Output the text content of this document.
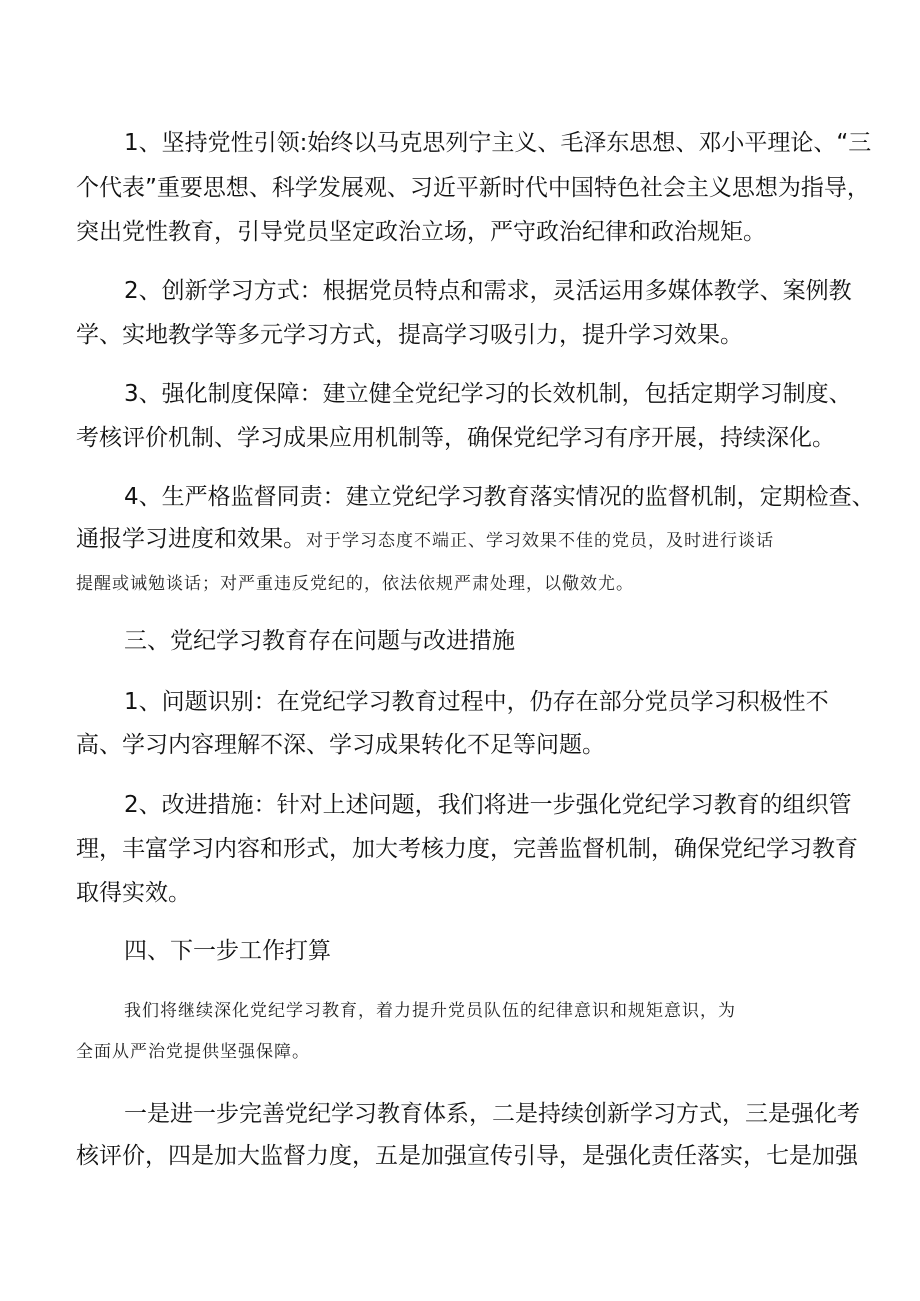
1、坚持党性引领:始终以马克思列宁主义、毛泽东思想、邓小平理论、“三
个代表”重要思想、科学发展观、习近平新时代中国特色社会主义思想为指导，
突出党性教育，引导党员坚定政治立场，严守政治纪律和政治规矩。
2、创新学习方式：根据党员特点和需求，灵活运用多媒体教学、案例教
学、实地教学等多元学习方式，提高学习吸引力，提升学习效果。
3、强化制度保障：建立健全党纪学习的长效机制，包括定期学习制度、
考核评价机制、学习成果应用机制等，确保党纪学习有序开展，持续深化。
4、生严格监督同责：建立党纪学习教育落实情况的监督机制，定期检查、
通报学习进度和效果。对于学习态度不端正、学习效果不佳的党员，及时进行谈话
提醒或诫勉谈话；对严重违反党纪的，依法依规严肃处理，以儆效尤。
三、党纪学习教育存在问题与改进措施
1、问题识别：在党纪学习教育过程中，仍存在部分党员学习积极性不
高、学习内容理解不深、学习成果转化不足等问题。
2、改进措施：针对上述问题，我们将进一步强化党纪学习教育的组织管
理，丰富学习内容和形式，加大考核力度，完善监督机制，确保党纪学习教育
取得实效。
四、下一步工作打算
我们将继续深化党纪学习教育，着力提升党员队伍的纪律意识和规矩意识，为
全面从严治党提供坚强保障。
一是进一步完善党纪学习教育体系，二是持续创新学习方式，三是强化考
核评价，四是加大监督力度，五是加强宣传引导，是强化责任落实，七是加强
